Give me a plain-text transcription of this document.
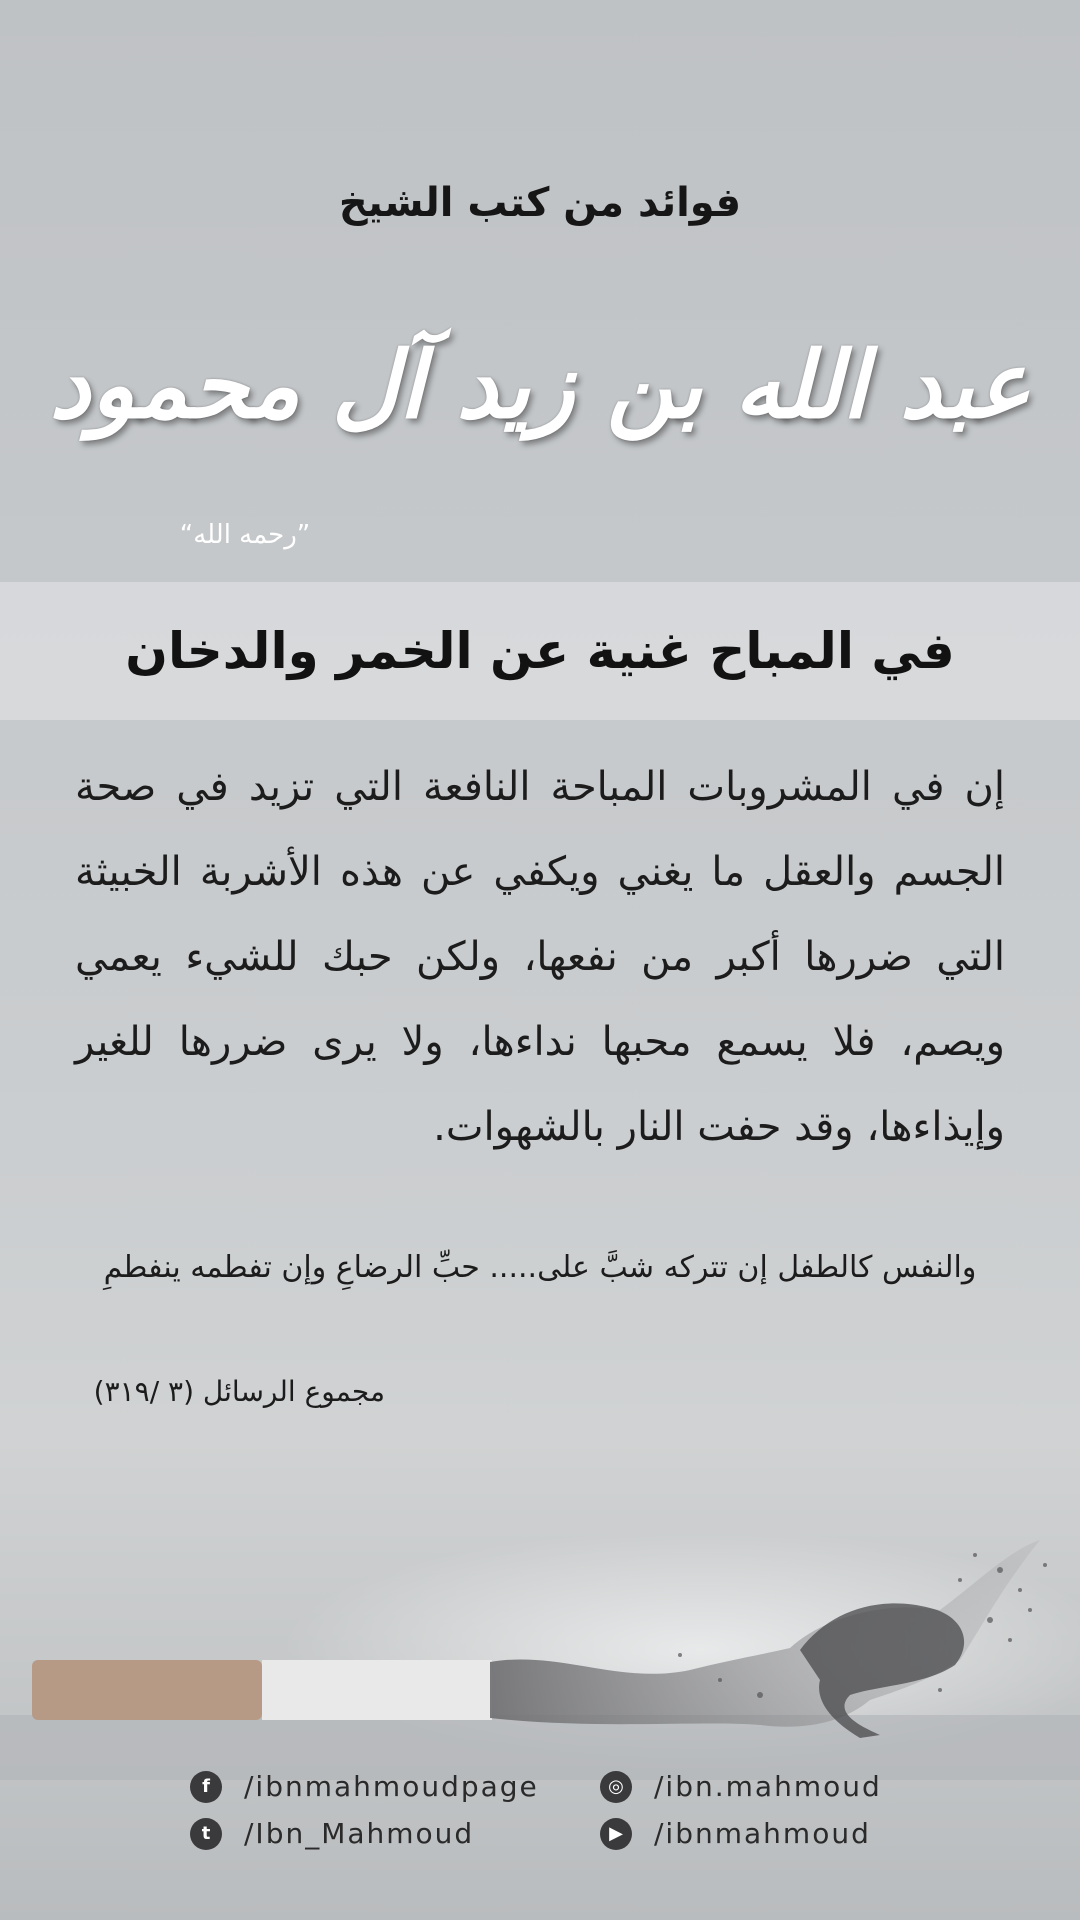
فوائد من كتب الشيخ
عبد الله بن زيد آل محمود
”رحمه الله“
في المباح غنية عن الخمر والدخان
إن في المشروبات المباحة النافعة التي تزيد في صحة الجسم والعقل ما يغني ويكفي عن هذه الأشربة الخبيثة التي ضررها أكبر من نفعها، ولكن حبك للشيء يعمي ويصم، فلا يسمع محبها نداءها، ولا يرى ضررها للغير وإيذاءها، وقد حفت النار بالشهوات.
والنفس كالطفل إن تتركه شبَّ على..... حبِّ الرضاعِ وإن تفطمه ينفطمِ
مجموع الرسائل (٣ /٣١٩)
f	/ibnmahmoudpage	◎ /ibn.mahmoud
t	/Ibn_Mahmoud	▶	/ibnmahmoud
